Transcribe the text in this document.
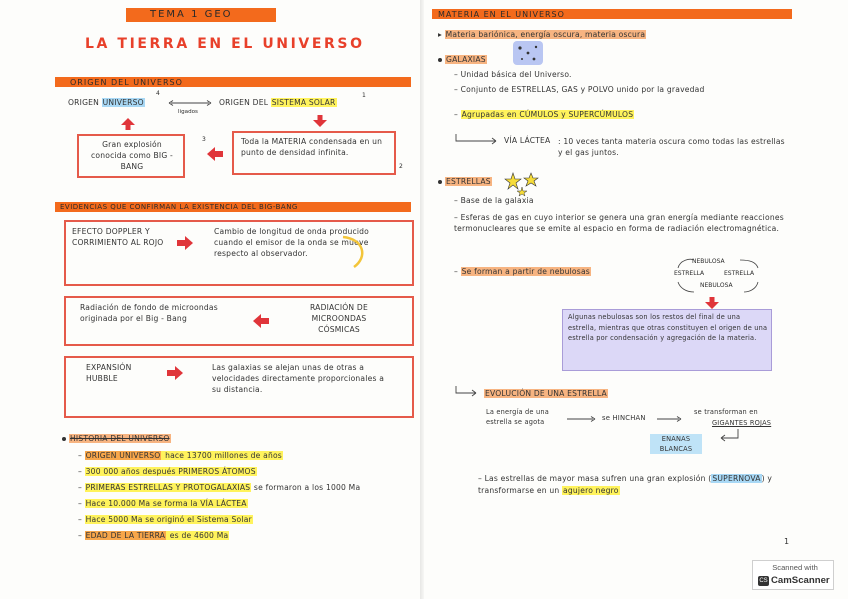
TEMA 1 GEO
LA TIERRA EN EL UNIVERSO
ORIGEN DEL UNIVERSO
ORIGEN UNIVERSO
4
ligados
ORIGEN DEL SISTEMA SOLAR
1
Gran explosión conocida como BIG - BANG
3	Toda la MATERIA condensada en un punto de densidad infinita.
2
EVIDENCIAS QUE CONFIRMAN LA EXISTENCIA DEL BIG-BANG
EFECTO DOPPLER Y CORRIMIENTO AL ROJO
Cambio de longitud de onda producido cuando el emisor de la onda se mueve respecto al observador.
Radiación de fondo de microondas originada por el Big - Bang
RADIACIÓN DE MICROONDAS CÓSMICAS
EXPANSIÓN HUBBLE
Las galaxias se alejan unas de otras a velocidades directamente proporcionales a su distancia.
HISTORIA DEL UNIVERSO
– ORIGEN UNIVERSO hace 13700 millones de años
– 300 000 años después PRIMEROS ÁTOMOS
– PRIMERAS ESTRELLAS Y PROTOGALAXIAS se formaron a los 1000 Ma
– Hace 10.000 Ma se forma la VÍA LÁCTEA
– Hace 5000 Ma se originó el Sistema Solar
– EDAD DE LA TIERRA es de 4600 Ma
MATERIA EN EL UNIVERSO
▸ Materia bariónica, energía oscura, materia oscura
GALAXIAS
– Unidad básica del Universo.
– Conjunto de ESTRELLAS, GAS y POLVO unido por la gravedad
– Agrupadas en CÚMULOS y SUPERCÚMULOS
VÍA LÁCTEA : 10 veces tanta materia oscura como todas las estrellas y el gas juntos.
ESTRELLAS
– Base de la galaxia
– Esferas de gas en cuyo interior se genera una gran energía mediante reacciones termonucleares que se emite al espacio en forma de radiación electromagnética.
– Se forman a partir de nebulosas
NEBULOSA
ESTRELLA	ESTRELLA
NEBULOSA
Algunas nebulosas son los restos del final de una estrella, mientras que otras constituyen el origen de una estrella por condensación y agregación de la materia.
EVOLUCIÓN DE UNA ESTRELLA
La energía de una estrella se agota	se HINCHAN
se transforman en
GIGANTES ROJAS
ENANAS BLANCAS
– Las estrellas de mayor masa sufren una gran explosión (SUPERNOVA) y transformarse en un agujero negro
1
Scanned with
CS CamScanner
